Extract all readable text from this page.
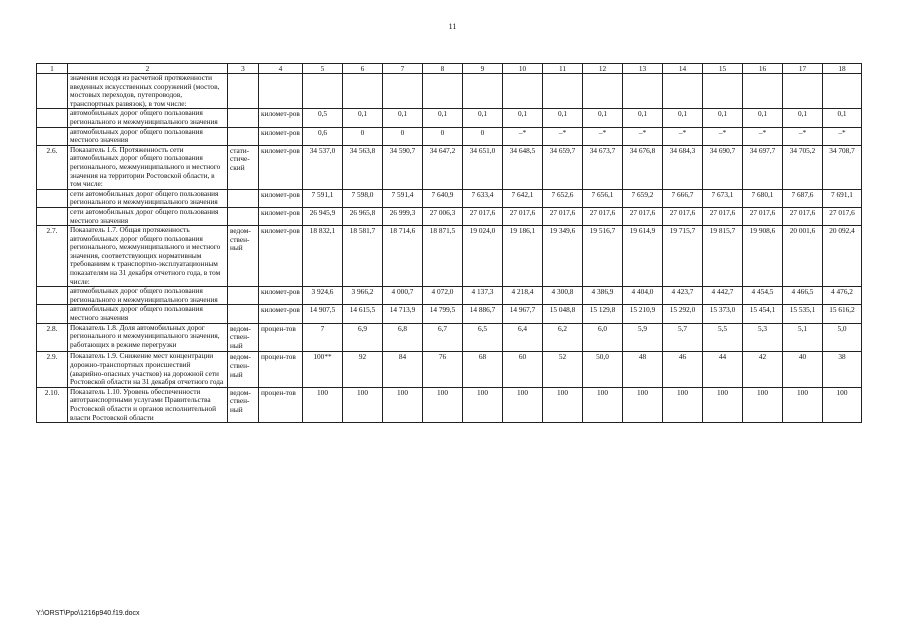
11
1	2	3	4	5	6	7	8	9	10	11	12	13	14	15	16	17	18
	значения исходя из расчетной протяженности введенных искусственных сооружений (мостов, мостовых переходов, путепроводов, транспортных развязок), в том числе:																
	автомобильных дорог общего пользования регионального и межмуниципального значения		километ-ров	0,5	0,1	0,1	0,1	0,1	0,1	0,1	0,1	0,1	0,1	0,1	0,1	0,1	0,1
	автомобильных дорог общего пользования местного значения		километ-ров	0,6	0	0	0	0	–*	–*	–*	–*	–*	–*	–*	–*	–*
2.6.	Показатель 1.6. Протяженность сети автомобильных дорог общего пользования регионального, межмуниципального и местного значения на территории Ростовской области, в том числе:	стати-стиче-ский	километ-ров	34 537,0	34 563,8	34 590,7	34 647,2	34 651,0	34 648,5	34 659,7	34 673,7	34 676,8	34 684,3	34 690,7	34 697,7	34 705,2	34 708,7
	сети автомобильных дорог общего пользования регионального и межмуниципального значения		километ-ров	7 591,1	7 598,0	7 591,4	7 640,9	7 633,4	7 642,1	7 652,6	7 656,1	7 659,2	7 666,7	7 673,1	7 680,1	7 687,6	7 691,1
	сети автомобильных дорог общего пользования местного значения		километ-ров	26 945,9	26 965,8	26 999,3	27 006,3	27 017,6	27 017,6	27 017,6	27 017,6	27 017,6	27 017,6	27 017,6	27 017,6	27 017,6	27 017,6
2.7.	Показатель 1.7. Общая протяженность автомобильных дорог общего пользования регионального, межмуниципального и местного значения, соответствующих нормативным требованиям к транспортно-эксплуатационным показателям на 31 декабря отчетного года, в том числе:	ведом-ствен-ный	километ-ров	18 832,1	18 581,7	18 714,6	18 871,5	19 024,0	19 186,1	19 349,6	19 516,7	19 614,9	19 715,7	19 815,7	19 908,6	20 001,6	20 092,4
	автомобильных дорог общего пользования регионального и межмуниципального значения		километ-ров	3 924,6	3 966,2	4 000,7	4 072,0	4 137,3	4 218,4	4 300,8	4 386,9	4 404,0	4 423,7	4 442,7	4 454,5	4 466,5	4 476,2
	автомобильных дорог общего пользования местного значения		километ-ров	14 907,5	14 615,5	14 713,9	14 799,5	14 886,7	14 967,7	15 048,8	15 129,8	15 210,9	15 292,0	15 373,0	15 454,1	15 535,1	15 616,2
2.8.	Показатель 1.8. Доля автомобильных дорог регионального и межмуниципального значения, работающих в режиме перегрузки	ведом-ствен-ный	процен-тов	7	6,9	6,8	6,7	6,5	6,4	6,2	6,0	5,9	5,7	5,5	5,3	5,1	5,0
2.9.	Показатель 1.9. Снижение мест концентрации дорожно-транспортных происшествий (аварийно-опасных участков) на дорожной сети Ростовской области на 31 декабря отчетного года	ведом-ствен-ный	процен-тов	100**	92	84	76	68	60	52	50,0	48	46	44	42	40	38
2.10.	Показатель 1.10. Уровень обеспеченности автотранспортными услугами Правительства Ростовской области и органов исполнительной власти Ростовской области	ведом-ствен-ный	процен-тов	100	100	100	100	100	100	100	100	100	100	100	100	100	100
Y:\ORST\Ppo\1216p940.f19.docx
